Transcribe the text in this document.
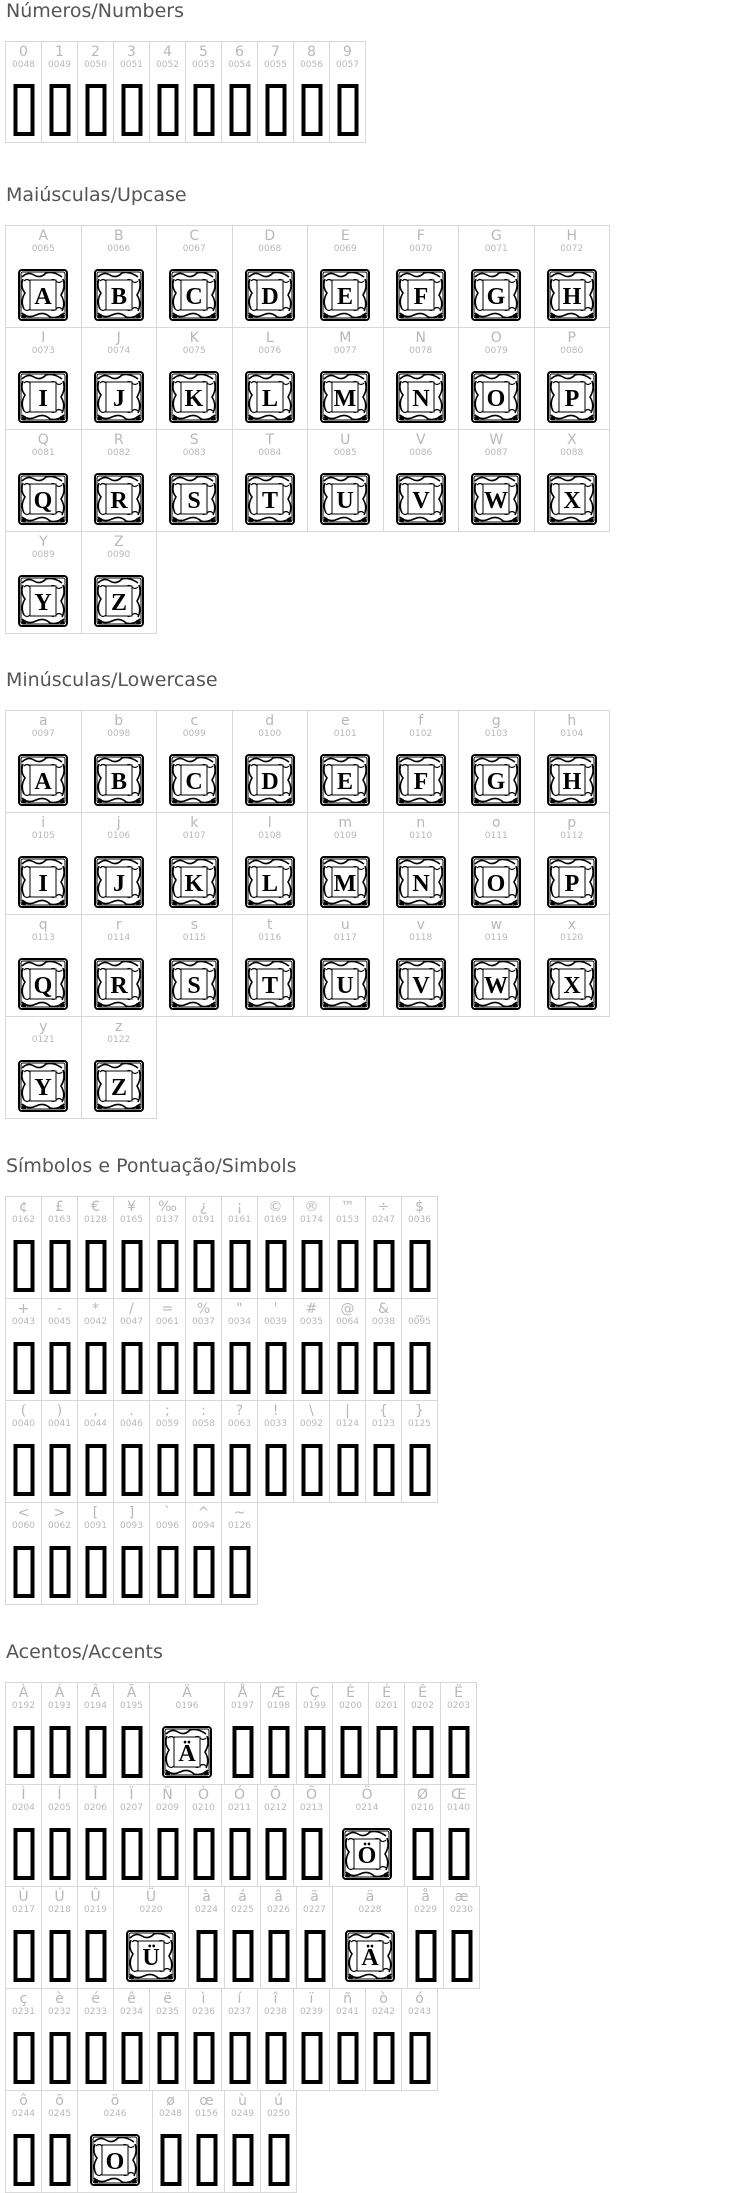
Números/Numbers
0
0048
1
0049
2
0050
3
0051
4
0052
5
0053
6
0054
7
0055
8
0056
9
0057
Maiúsculas/Upcase
A
0065
A
B
0066
B
C
0067
C
D
0068
D
E
0069
E
F
0070
F
G
0071
G
H
0072
H
I
0073
I
J
0074
J
K
0075
K
L
0076
L
M
0077
M
N
0078
N
O
0079
O
P
0080
P
Q
0081
Q
R
0082
R
S
0083
S
T
0084
T
U
0085
U
V
0086
V
W
0087
W
X
0088
X
Y
0089
Y
Z
0090
Z
Minúsculas/Lowercase
a
0097
A
b
0098
B
c
0099
C
d
0100
D
e
0101
E
f
0102
F
g
0103
G
h
0104
H
i
0105
I
j
0106
J
k
0107
K
l
0108
L
m
0109
M
n
0110
N
o
0111
O
p
0112
P
q
0113
Q
r
0114
R
s
0115
S
t
0116
T
u
0117
U
v
0118
V
w
0119
W
x
0120
X
y
0121
Y
z
0122
Z
Símbolos e Pontuação/Simbols
¢
0162
£
0163
€
0128
¥
0165
‰
0137
¿
0191
¡
0161
©
0169
®
0174
™
0153
÷
0247
$
0036
+
0043
-
0045
*
0042
/
0047
=
0061
%
0037
"
0034
'
0039
#
0035
@
0064
&
0038
_
0095
(
0040
)
0041
,
0044
.
0046
;
0059
:
0058
?
0063
!
0033
\
0092
|
0124
{
0123
}
0125
<
0060
>
0062
[
0091
]
0093
`
0096
^
0094
~
0126
Acentos/Accents
À
0192
Á
0193
Â
0194
Ã
0195
Ä
0196
Ä
Å
0197
Æ
0198
Ç
0199
È
0200
É
0201
Ê
0202
Ë
0203
Ì
0204
Í
0205
Î
0206
Ï
0207
Ñ
0209
Ò
0210
Ó
0211
Ô
0212
Õ
0213
Ö
0214
Ö
Ø
0216
Œ
0140
Ù
0217
Ú
0218
Û
0219
Ü
0220
Ü
à
0224
á
0225
â
0226
ã
0227
ä
0228
Ä
å
0229
æ
0230
ç
0231
è
0232
é
0233
ê
0234
ë
0235
ì
0236
í
0237
î
0238
ï
0239
ñ
0241
ò
0242
ó
0243
ô
0244
õ
0245
ö
0246
O
ø
0248
œ
0156
ù
0249
ú
0250
